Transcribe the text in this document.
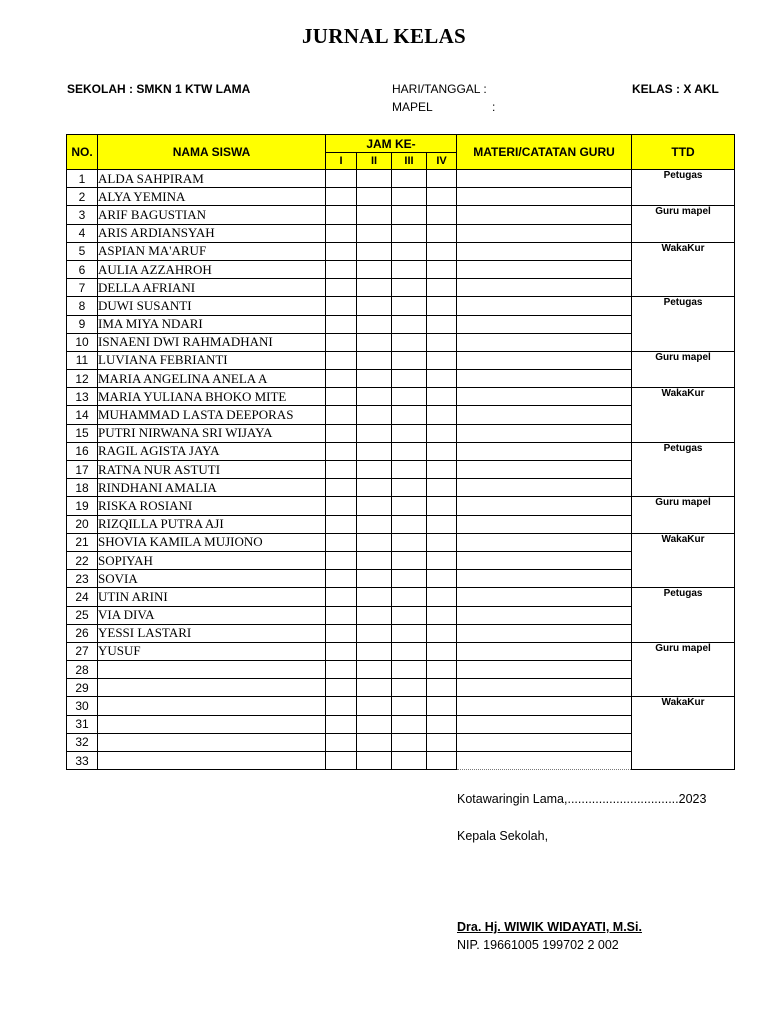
JURNAL KELAS
SEKOLAH : SMKN 1 KTW LAMA	HARI/TANGGAL :
MAPEL	:
KELAS : X AKL
NO.	NAMA SISWA	JAM KE-				MATERI/CATATAN GURU	TTD
		I	II	III	IV		
1	ALDA SAHPIRAM						Petugas
2	ALYA YEMINA						
3	ARIF BAGUSTIAN						Guru mapel
4	ARIS ARDIANSYAH						
5	ASPIAN MA'ARUF						WakaKur
6	AULIA AZZAHROH						
7	DELLA AFRIANI						
8	DUWI SUSANTI						Petugas
9	IMA MIYA NDARI						
10	ISNAENI DWI RAHMADHANI						
11	LUVIANA FEBRIANTI						Guru mapel
12	MARIA ANGELINA ANELA A						
13	MARIA YULIANA BHOKO MITE						WakaKur
14	MUHAMMAD LASTA DEEPORAS						
15	PUTRI NIRWANA SRI WIJAYA						
16	RAGIL AGISTA JAYA						Petugas
17	RATNA NUR ASTUTI						
18	RINDHANI AMALIA						
19	RISKA ROSIANI						Guru mapel
20	RIZQILLA PUTRA AJI						
21	SHOVIA KAMILA MUJIONO						WakaKur
22	SOPIYAH						
23	SOVIA						
24	UTIN ARINI						Petugas
25	VIA DIVA						
26	YESSI LASTARI						
27	YUSUF						Guru mapel
28							
29							
30							WakaKur
31							
32							
33							
Kotawaringin Lama,................................2023
Kepala Sekolah,
Dra. Hj. WIWIK WIDAYATI, M.Si.
NIP. 19661005 199702 2 002
